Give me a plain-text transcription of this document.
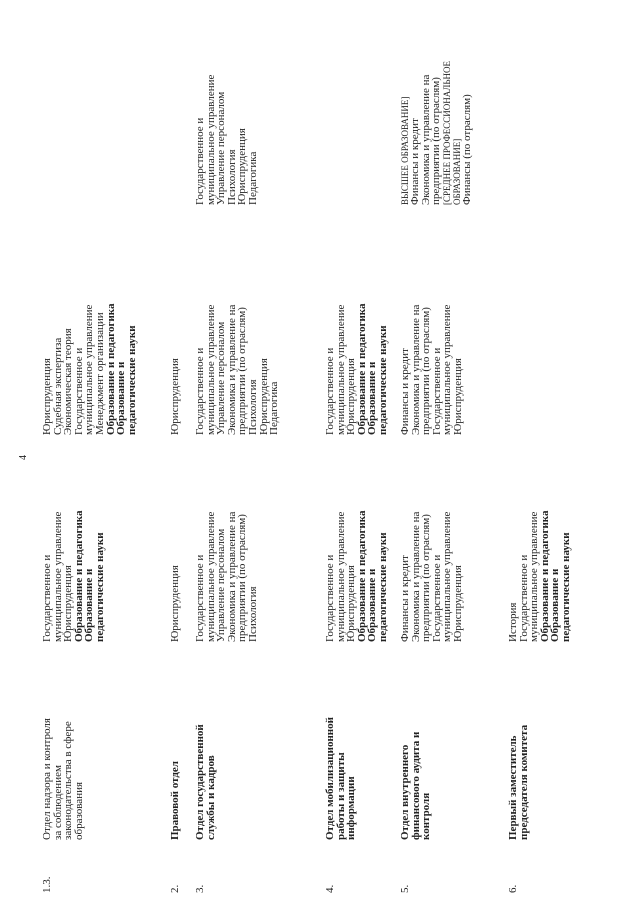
4
1.3.
Отдел надзора и контроля
за соблюдением
законодательства в сфере
образования
Государственное и
муниципальное управление
Юриспруденция
Образование и педагогика
Образование и
педагогические науки
Юриспруденция
Судебная экспертиза
Экономическая теория
Государственное и
муниципальное управление
Менеджмент организации
Образование и педагогика
Образование и
педагогические науки
2.
Правовой отдел
Юриспруденция
Юриспруденция
3.
Отдел государственной
службы и кадров
Государственное и
муниципальное управление
Управление персоналом
Экономика и управление на
предприятии (по отраслям)
Психология
Государственное и
муниципальное управление
Управление персоналом
Экономика и управление на
предприятии (по отраслям)
Психология
Юриспруденция
Педагогика
Государственное и
муниципальное управление
Управление персоналом
Психология
Юриспруденция
Педагогика
4.
Отдел мобилизационной
работы и защиты
информации
Государственное и
муниципальное управление
Юриспруденция
Образование и педагогика
Образование и
педагогические науки
Государственное и
муниципальное управление
Юриспруденция
Образование и педагогика
Образование и
педагогические науки
5.
Отдел внутреннего
финансового аудита и
контроля
Финансы и кредит
Экономика и управление на
предприятии (по отраслям)
Государственное и
муниципальное управление
Юриспруденция
Финансы и кредит
Экономика и управление на
предприятии (по отраслям)
Государственное и
муниципальное управление
Юриспруденция
ВЫСШЕЕ ОБРАЗОВАНИЕ] Финансы и кредит
Экономика и управление на
предприятии (по отраслям) [СРЕДНЕЕ ПРОФЕССИОНАЛЬНОЕ ОБРАЗОВАНИЕ] Финансы (по отраслям)
6.
Первый заместитель
председателя комитета
История
Государственное и
муниципальное управление
Образование и педагогика
Образование и
педагогические науки
